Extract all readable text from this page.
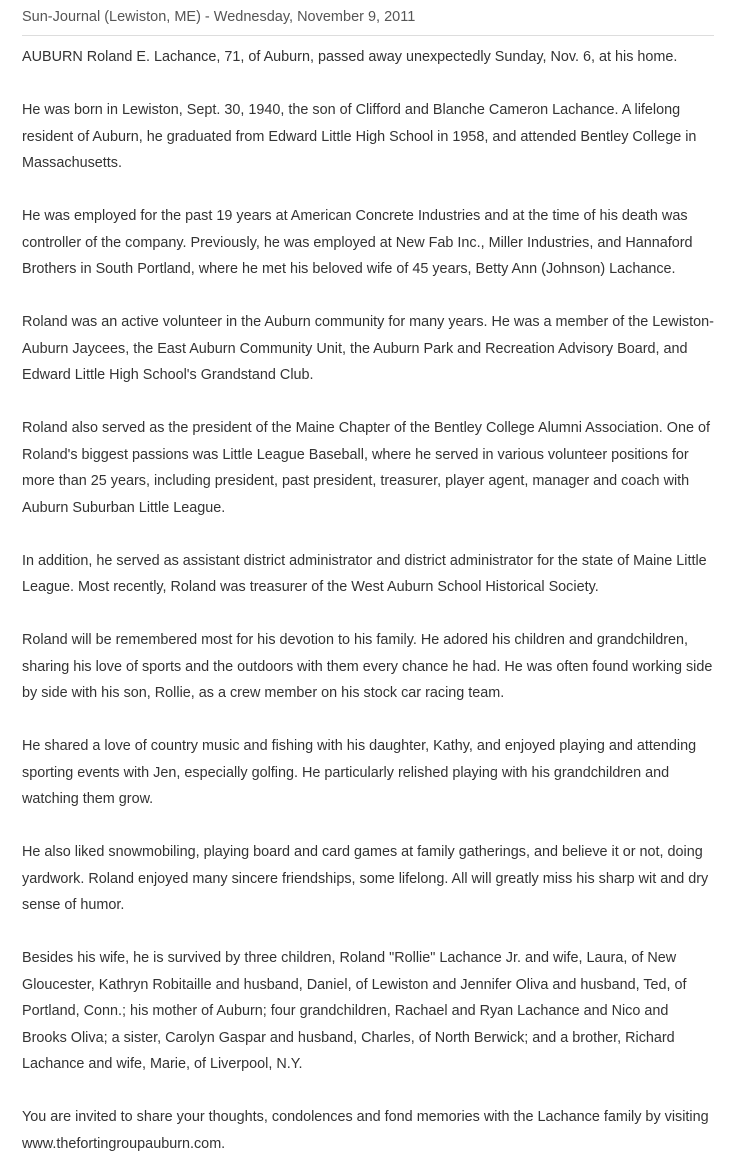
Sun-Journal (Lewiston, ME) - Wednesday, November 9, 2011

AUBURN Roland E. Lachance, 71, of Auburn, passed away unexpectedly Sunday, Nov. 6, at his home.

He was born in Lewiston, Sept. 30, 1940, the son of Clifford and Blanche Cameron Lachance. A lifelong resident of Auburn, he graduated from Edward Little High School in 1958, and attended Bentley College in Massachusetts.

He was employed for the past 19 years at American Concrete Industries and at the time of his death was controller of the company. Previously, he was employed at New Fab Inc., Miller Industries, and Hannaford Brothers in South Portland, where he met his beloved wife of 45 years, Betty Ann (Johnson) Lachance.

Roland was an active volunteer in the Auburn community for many years. He was a member of the Lewiston-Auburn Jaycees, the East Auburn Community Unit, the Auburn Park and Recreation Advisory Board, and Edward Little High School's Grandstand Club.

Roland also served as the president of the Maine Chapter of the Bentley College Alumni Association. One of Roland's biggest passions was Little League Baseball, where he served in various volunteer positions for more than 25 years, including president, past president, treasurer, player agent, manager and coach with Auburn Suburban Little League.

In addition, he served as assistant district administrator and district administrator for the state of Maine Little League. Most recently, Roland was treasurer of the West Auburn School Historical Society.

Roland will be remembered most for his devotion to his family. He adored his children and grandchildren, sharing his love of sports and the outdoors with them every chance he had. He was often found working side by side with his son, Rollie, as a crew member on his stock car racing team.

He shared a love of country music and fishing with his daughter, Kathy, and enjoyed playing and attending sporting events with Jen, especially golfing. He particularly relished playing with his grandchildren and watching them grow.

He also liked snowmobiling, playing board and card games at family gatherings, and believe it or not, doing yardwork. Roland enjoyed many sincere friendships, some lifelong. All will greatly miss his sharp wit and dry sense of humor.

Besides his wife, he is survived by three children, Roland "Rollie" Lachance Jr. and wife, Laura, of New Gloucester, Kathryn Robitaille and husband, Daniel, of Lewiston and Jennifer Oliva and husband, Ted, of Portland, Conn.; his mother of Auburn; four grandchildren, Rachael and Ryan Lachance and Nico and Brooks Oliva; a sister, Carolyn Gaspar and husband, Charles, of North Berwick; and a brother, Richard Lachance and wife, Marie, of Liverpool, N.Y.

You are invited to share your thoughts, condolences and fond memories with the Lachance family by visiting www.thefortingroupauburn.com.
